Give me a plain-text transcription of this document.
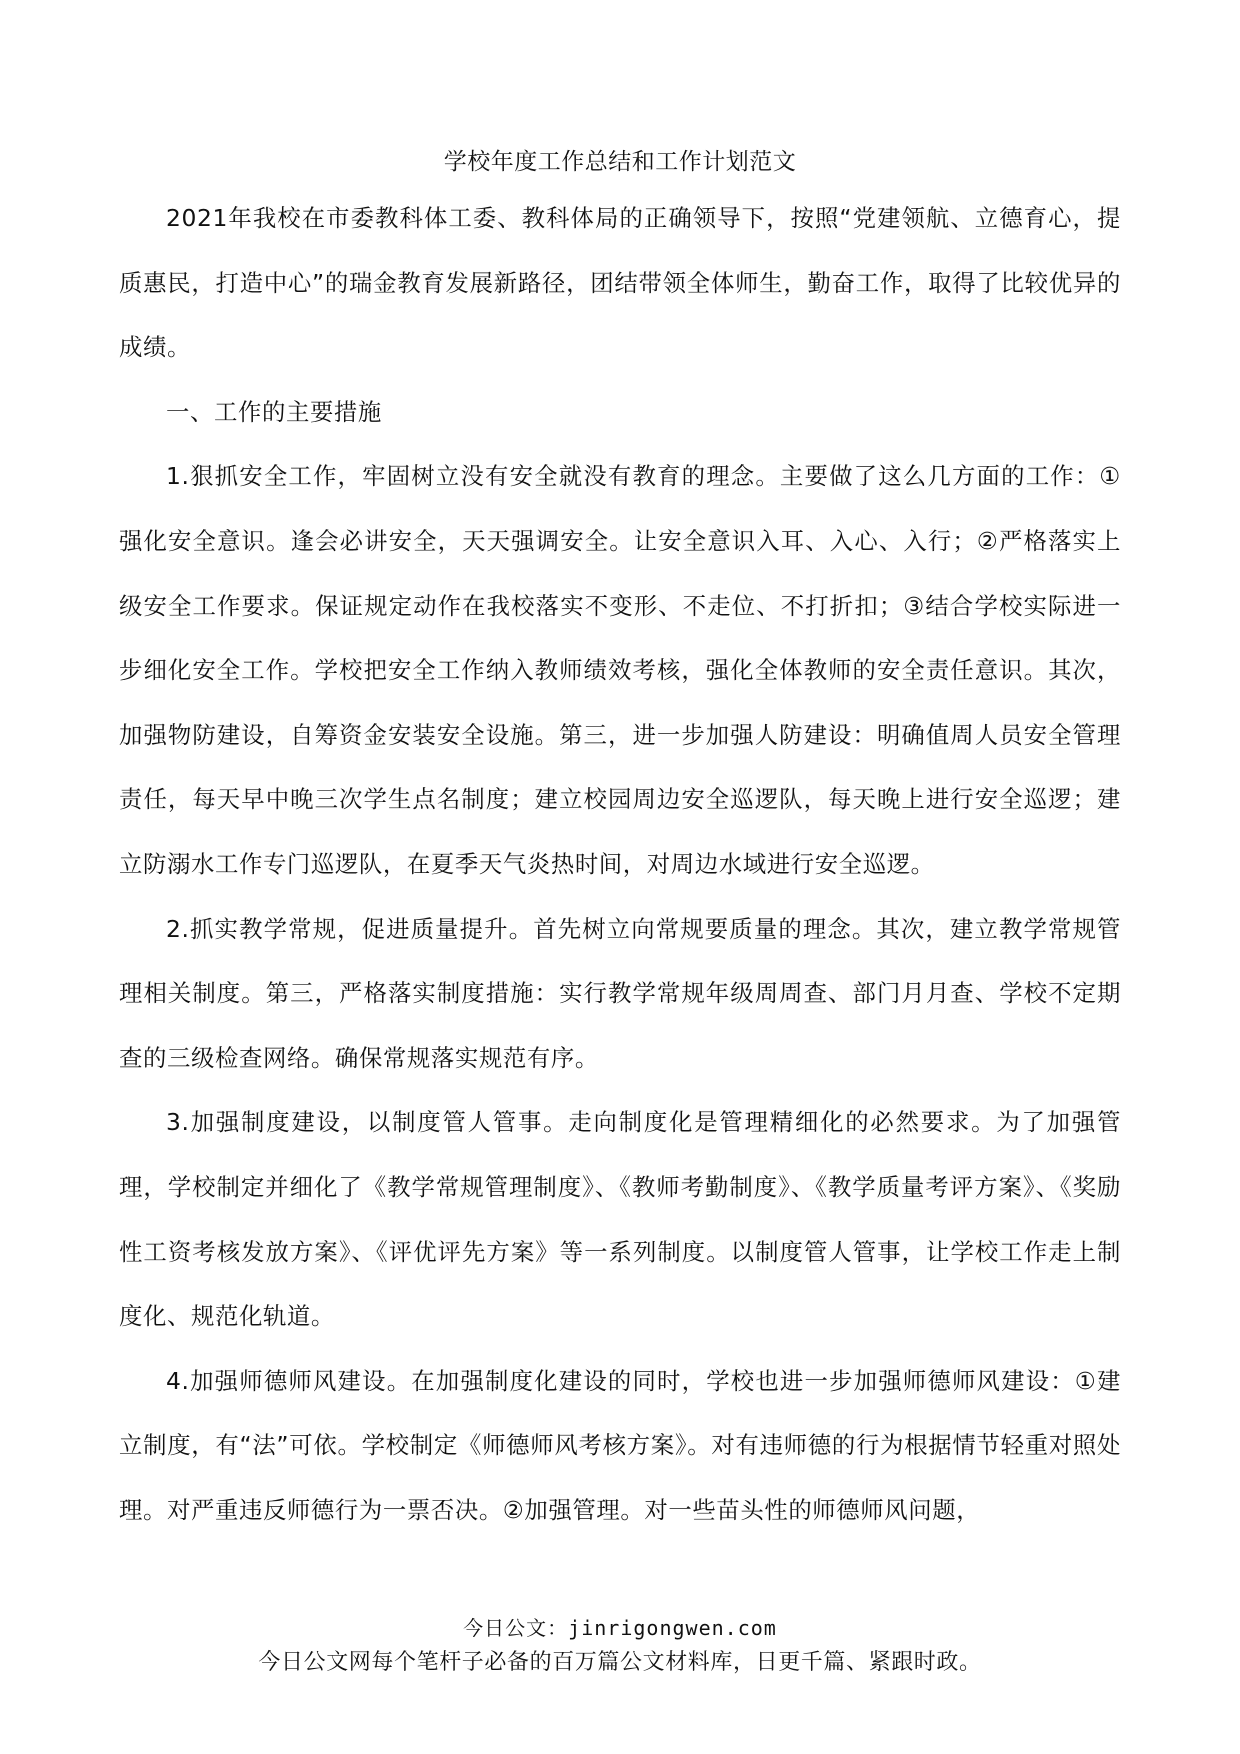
学校年度工作总结和工作计划范文

2021年我校在市委教科体工委、教科体局的正确领导下，按照“党建领航、立德育心，提质惠民，打造中心”的瑞金教育发展新路径，团结带领全体师生，勤奋工作，取得了比较优异的成绩。

一、工作的主要措施

1.狠抓安全工作，牢固树立没有安全就没有教育的理念。主要做了这么几方面的工作：①强化安全意识。逢会必讲安全，天天强调安全。让安全意识入耳、入心、入行；②严格落实上级安全工作要求。保证规定动作在我校落实不变形、不走位、不打折扣；③结合学校实际进一步细化安全工作。学校把安全工作纳入教师绩效考核，强化全体教师的安全责任意识。其次，加强物防建设，自筹资金安装安全设施。第三，进一步加强人防建设：明确值周人员安全管理责任，每天早中晚三次学生点名制度；建立校园周边安全巡逻队，每天晚上进行安全巡逻；建立防溺水工作专门巡逻队，在夏季天气炎热时间，对周边水域进行安全巡逻。

2.抓实教学常规，促进质量提升。首先树立向常规要质量的理念。其次，建立教学常规管理相关制度。第三，严格落实制度措施：实行教学常规年级周周查、部门月月查、学校不定期查的三级检查网络。确保常规落实规范有序。

3.加强制度建设，以制度管人管事。走向制度化是管理精细化的必然要求。为了加强管理，学校制定并细化了《教学常规管理制度》、《教师考勤制度》、《教学质量考评方案》、《奖励性工资考核发放方案》、《评优评先方案》等一系列制度。以制度管人管事，让学校工作走上制度化、规范化轨道。

4.加强师德师风建设。在加强制度化建设的同时，学校也进一步加强师德师风建设：①建立制度，有“法”可依。学校制定《师德师风考核方案》。对有违师德的行为根据情节轻重对照处理。对严重违反师德行为一票否决。②加强管理。对一些苗头性的师德师风问题，

今日公文：jinrigongwen.com
今日公文网每个笔杆子必备的百万篇公文材料库，日更千篇、紧跟时政。
